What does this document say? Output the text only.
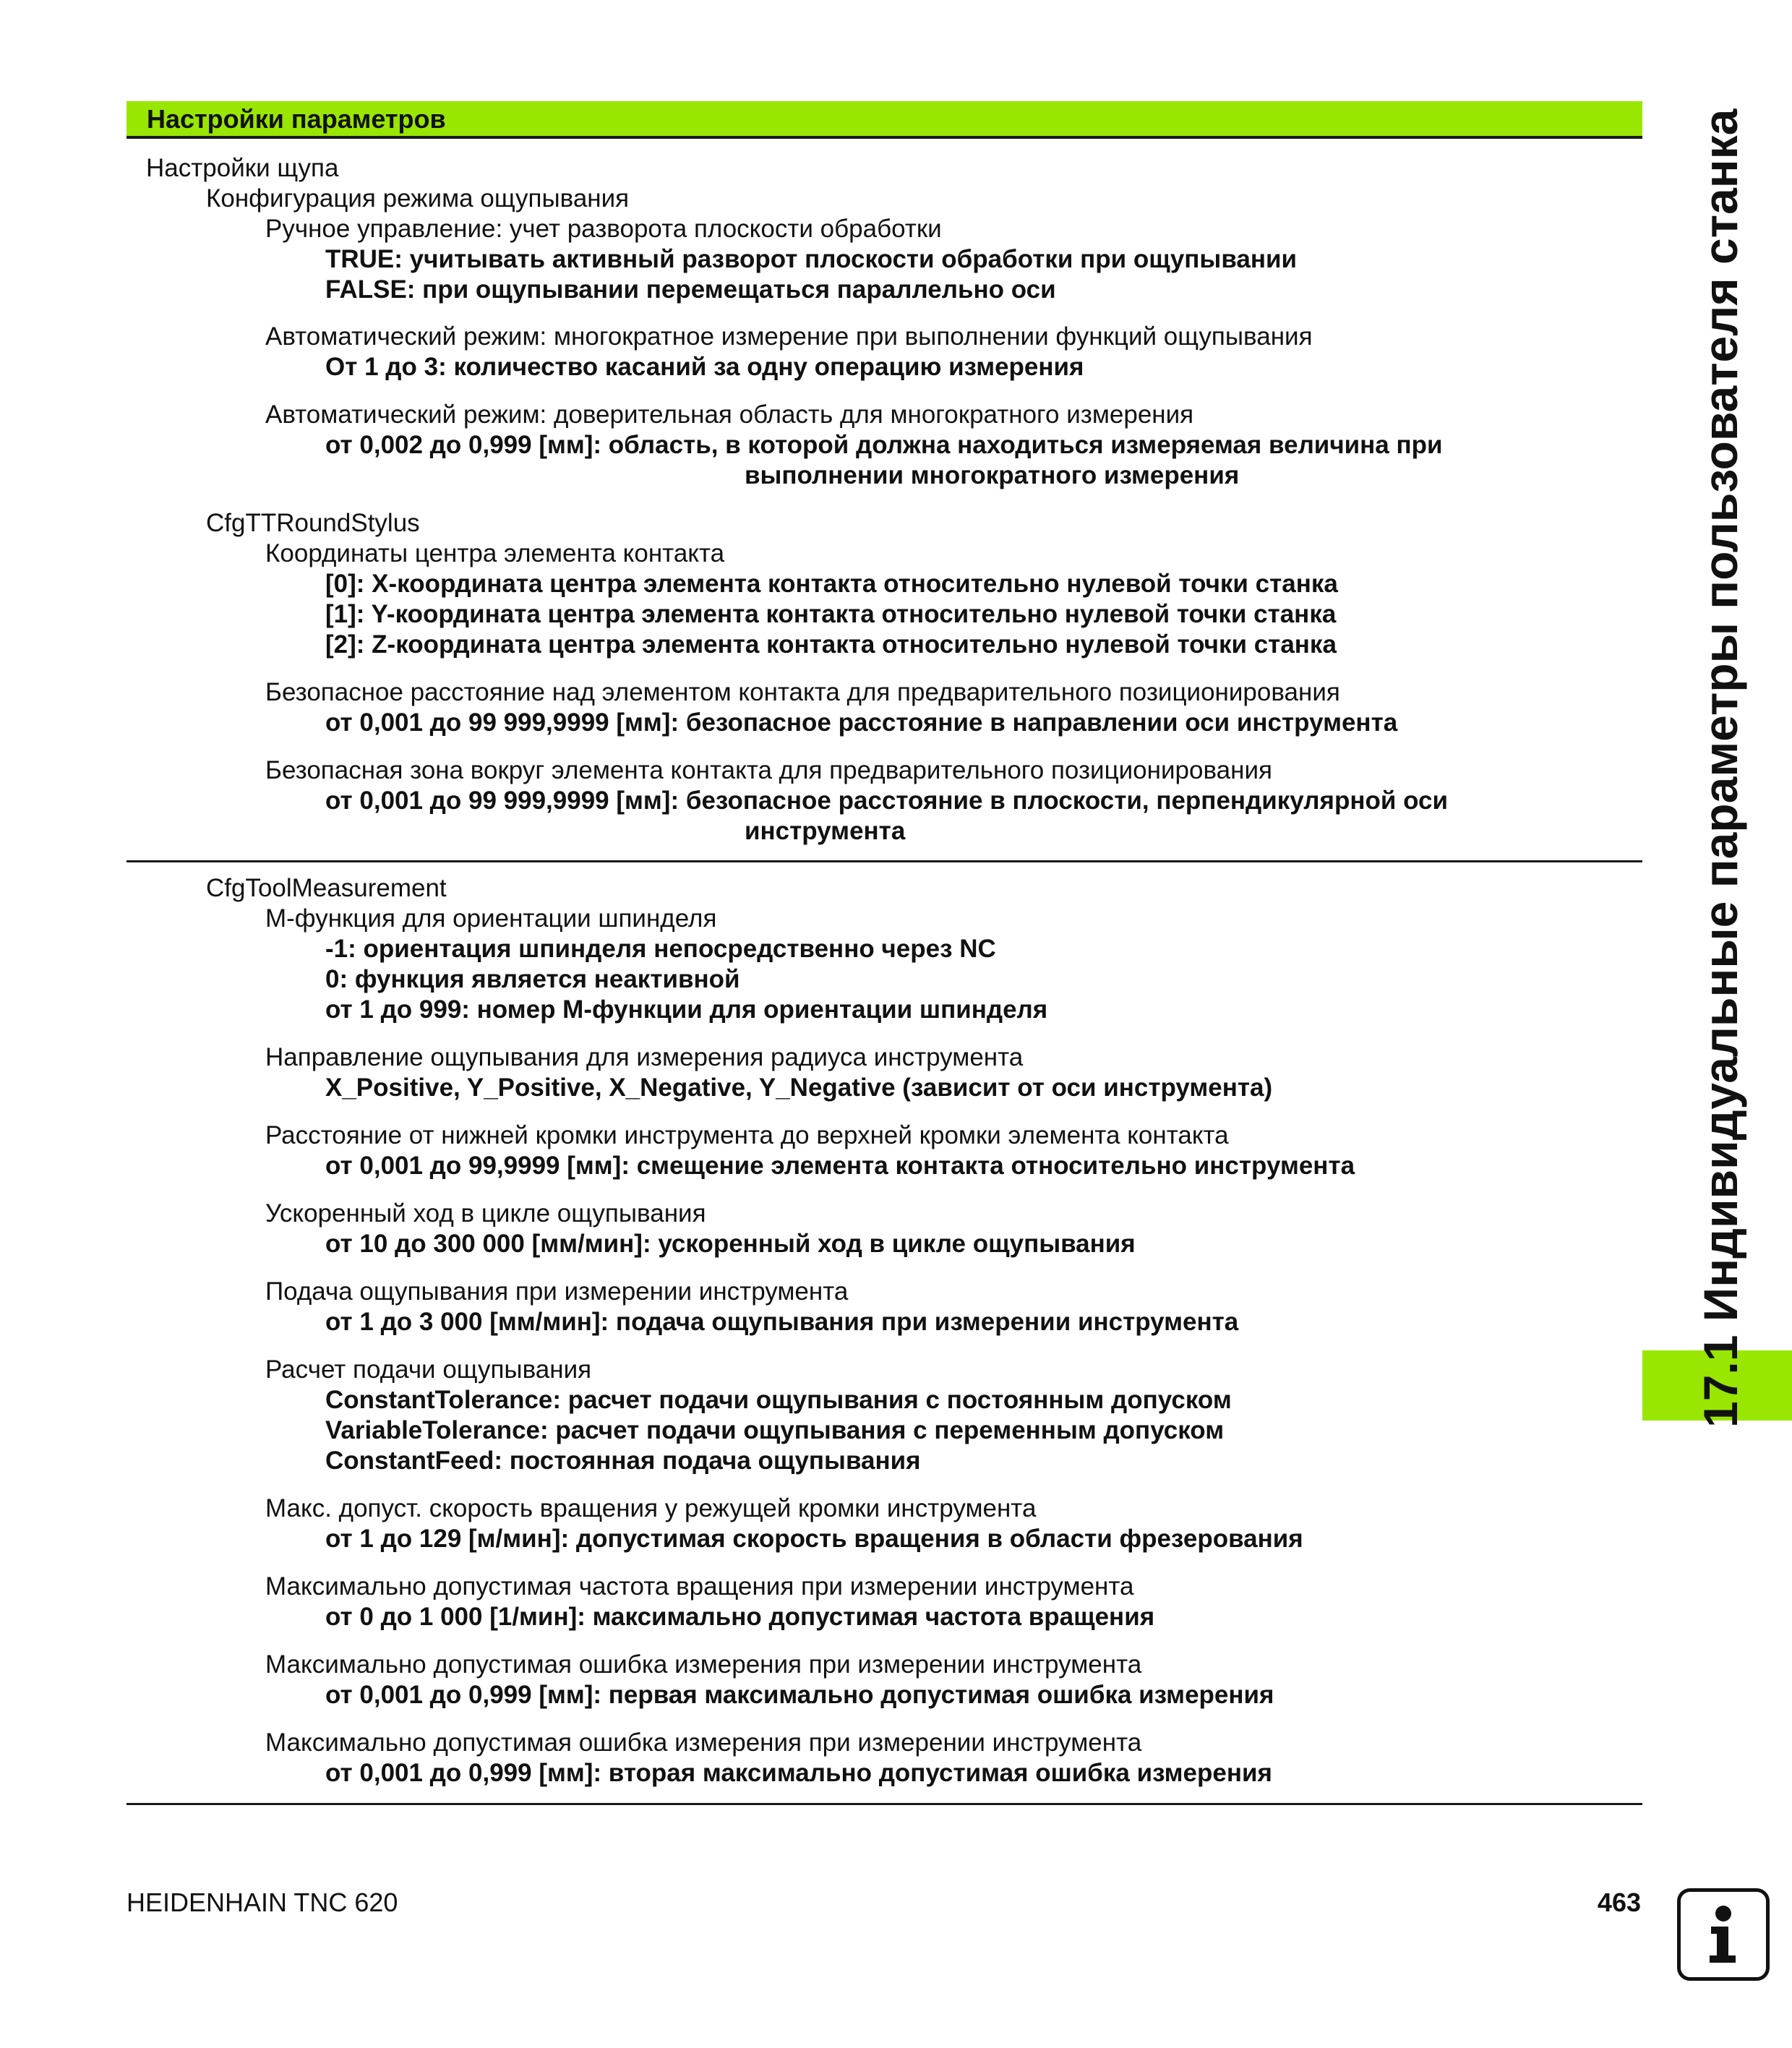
Настройки параметров
Настройки щупа
Конфигурация режима ощупывания
Ручное управление: учет разворота плоскости обработки
TRUE: учитывать активный разворот плоскости обработки при ощупывании
FALSE: при ощупывании перемещаться параллельно оси
Автоматический режим: многократное измерение при выполнении функций ощупывания
От 1 до 3: количество касаний за одну операцию измерения
Автоматический режим: доверительная область для многократного измерения
от 0,002 до 0,999 [мм]: область, в которой должна находиться измеряемая величина при
выполнении многократного измерения
CfgTTRoundStylus
Координаты центра элемента контакта
[0]: X-координата центра элемента контакта относительно нулевой точки станка
[1]: Y-координата центра элемента контакта относительно нулевой точки станка
[2]: Z-координата центра элемента контакта относительно нулевой точки станка
Безопасное расстояние над элементом контакта для предварительного позиционирования
от 0,001 до 99 999,9999 [мм]: безопасное расстояние в направлении оси инструмента
Безопасная зона вокруг элемента контакта для предварительного позиционирования
от 0,001 до 99 999,9999 [мм]: безопасное расстояние в плоскости, перпендикулярной оси
инструмента
CfgToolMeasurement
М-функция для ориентации шпинделя
-1: ориентация шпинделя непосредственно через NC
0: функция является неактивной
от 1 до 999: номер М-функции для ориентации шпинделя
Направление ощупывания для измерения радиуса инструмента
X_Positive, Y_Positive, X_Negative, Y_Negative (зависит от оси инструмента)
Расстояние от нижней кромки инструмента до верхней кромки элемента контакта
от 0,001 до 99,9999 [мм]: смещение элемента контакта относительно инструмента
Ускоренный ход в цикле ощупывания
от 10 до 300 000 [мм/мин]: ускоренный ход в цикле ощупывания
Подача ощупывания при измерении инструмента
от 1 до 3 000 [мм/мин]: подача ощупывания при измерении инструмента
Расчет подачи ощупывания
ConstantTolerance: расчет подачи ощупывания с постоянным допуском
VariableTolerance: расчет подачи ощупывания с переменным допуском
ConstantFeed: постоянная подача ощупывания
Макс. допуст. скорость вращения у режущей кромки инструмента
от 1 до 129 [м/мин]: допустимая скорость вращения в области фрезерования
Максимально допустимая частота вращения при измерении инструмента
от 0 до 1 000 [1/мин]: максимально допустимая частота вращения
Максимально допустимая ошибка измерения при измерении инструмента
от 0,001 до 0,999 [мм]: первая максимально допустимая ошибка измерения
Максимально допустимая ошибка измерения при измерении инструмента
от 0,001 до 0,999 [мм]: вторая максимально допустимая ошибка измерения
17.1 Индивидуальные параметры пользователя станка
HEIDENHAIN TNC 620	463
